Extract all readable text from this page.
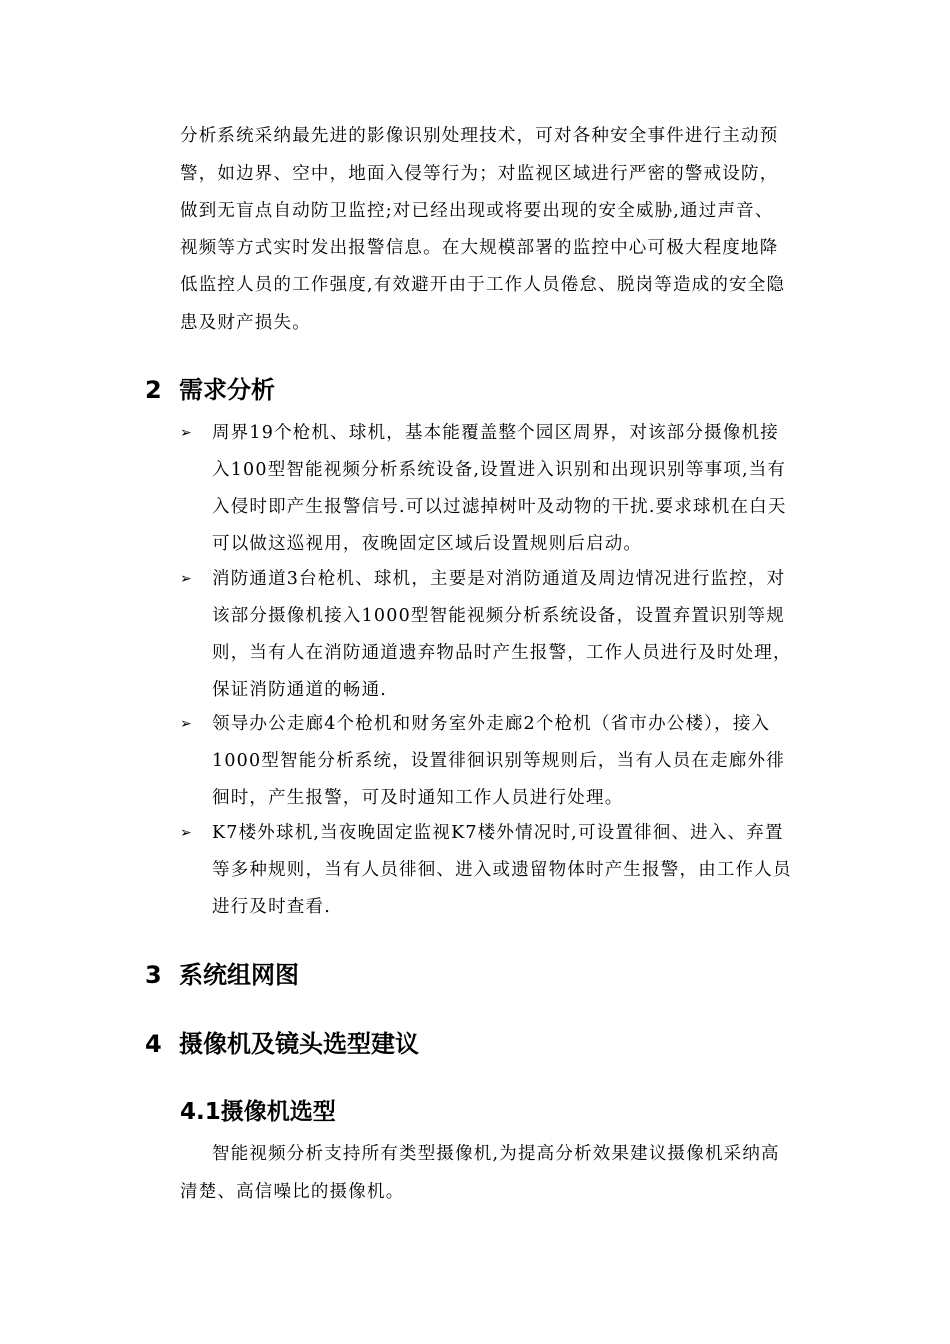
分析系统采纳最先进的影像识别处理技术，可对各种安全事件进行主动预
警，如边界、空中，地面入侵等行为；对监视区域进行严密的警戒设防，
做到无盲点自动防卫监控;对已经出现或将要出现的安全威胁,通过声音、
视频等方式实时发出报警信息。在大规模部署的监控中心可极大程度地降
低监控人员的工作强度,有效避开由于工作人员倦怠、脱岗等造成的安全隐
患及财产损失。
2 需求分析
➢ 周界19个枪机、球机，基本能覆盖整个园区周界，对该部分摄像机接
入100型智能视频分析系统设备,设置进入识别和出现识别等事项,当有
入侵时即产生报警信号.可以过滤掉树叶及动物的干扰.要求球机在白天
可以做这巡视用，夜晚固定区域后设置规则后启动。
➢ 消防通道3台枪机、球机，主要是对消防通道及周边情况进行监控，对
该部分摄像机接入1000型智能视频分析系统设备，设置弃置识别等规
则，当有人在消防通道遗弃物品时产生报警，工作人员进行及时处理，
保证消防通道的畅通.
➢ 领导办公走廊4个枪机和财务室外走廊2个枪机（省市办公楼），接入
1000型智能分析系统，设置徘徊识别等规则后，当有人员在走廊外徘
徊时，产生报警，可及时通知工作人员进行处理。
➢ K7楼外球机,当夜晚固定监视K7楼外情况时,可设置徘徊、进入、弃置
等多种规则，当有人员徘徊、进入或遗留物体时产生报警，由工作人员
进行及时查看.
3 系统组网图
4 摄像机及镜头选型建议
4.1摄像机选型
智能视频分析支持所有类型摄像机,为提高分析效果建议摄像机采纳高
清楚、高信噪比的摄像机。
